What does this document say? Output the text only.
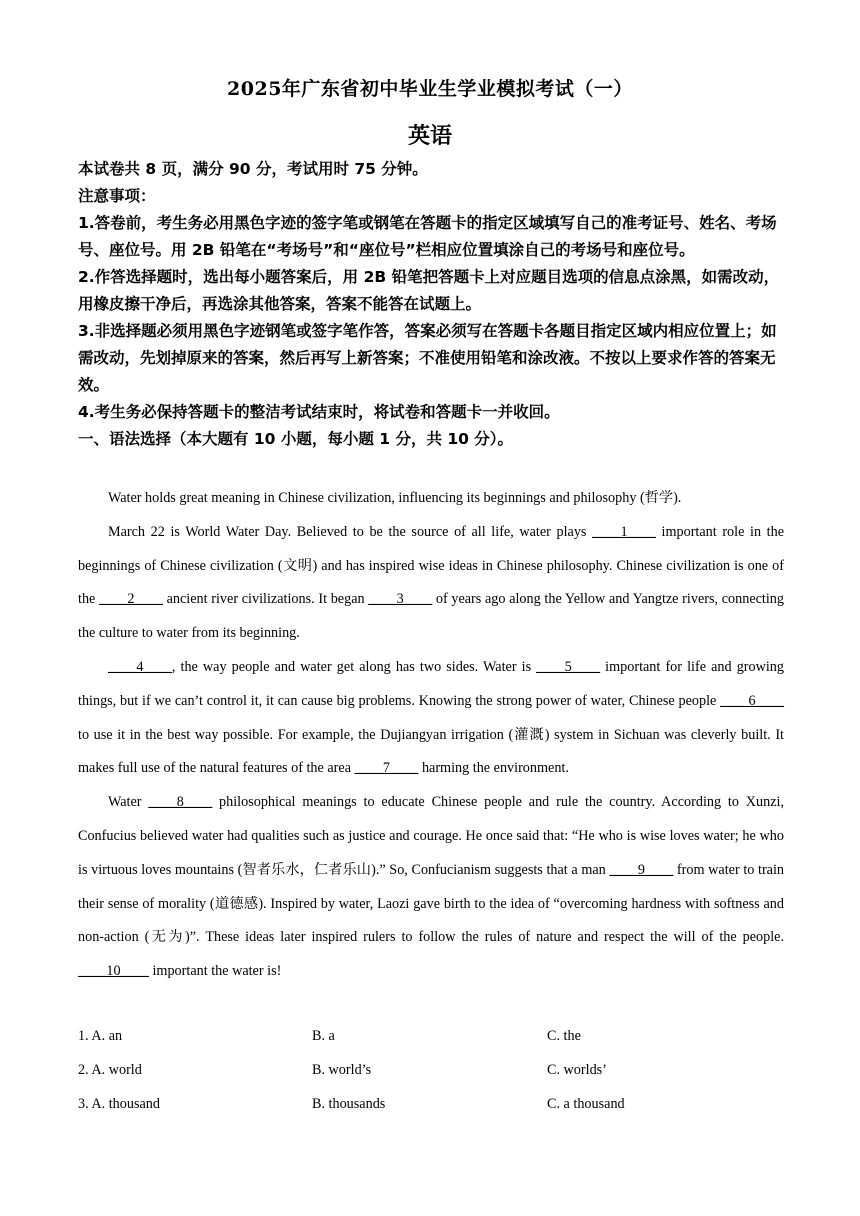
2025年广东省初中毕业生学业模拟考试（一）
英语

本试卷共 8 页，满分 90 分，考试用时 75 分钟。

注意事项：

1.答卷前，考生务必用黑色字迹的签字笔或钢笔在答题卡的指定区域填写自己的准考证号、姓名、考场号、座位号。用 2B 铅笔在“考场号”和“座位号”栏相应位置填涂自己的考场号和座位号。

2.作答选择题时，选出每小题答案后，用 2B 铅笔把答题卡上对应题目选项的信息点涂黑，如需改动，用橡皮擦干净后，再选涂其他答案，答案不能答在试题上。

3.非选择题必须用黑色字迹钢笔或签字笔作答，答案必须写在答题卡各题目指定区域内相应位置上；如需改动，先划掉原来的答案，然后再写上新答案；不准使用铅笔和涂改液。不按以上要求作答的答案无效。

4.考生务必保持答题卡的整洁考试结束时，将试卷和答题卡一并收回。

一、语法选择（本大题有 10 小题，每小题 1 分，共 10 分）。

Water holds great meaning in Chinese civilization, influencing its beginnings and philosophy (哲学).

March 22 is World Water Day. Believed to be the source of all life, water plays ____1____ important role in the beginnings of Chinese civilization (文明) and has inspired wise ideas in Chinese philosophy. Chinese civilization is one of the ____2____ ancient river civilizations. It began ____3____ of years ago along the Yellow and Yangtze rivers, connecting the culture to water from its beginning.

____4____, the way people and water get along has two sides. Water is ____5____ important for life and growing things, but if we can’t control it, it can cause big problems. Knowing the strong power of water, Chinese people ____6____ to use it in the best way possible. For example, the Dujiangyan irrigation (灌溉) system in Sichuan was cleverly built. It makes full use of the natural features of the area ____7____ harming the environment.

Water ____8____ philosophical meanings to educate Chinese people and rule the country. According to Xunzi, Confucius believed water had qualities such as justice and courage. He once said that: “He who is wise loves water; he who is virtuous loves mountains (智者乐水，仁者乐山).” So, Confucianism suggests that a man ____9____ from water to train their sense of morality (道德感). Inspired by water, Laozi gave birth to the idea of “overcoming hardness with softness and non-action (无为)”. These ideas later inspired rulers to follow the rules of nature and respect the will of the people. ____10____ important the water is!

1. A. an	B. a	C. the
2. A. world	B. world’s	C. worlds’
3. A. thousand	B. thousands	C. a thousand
